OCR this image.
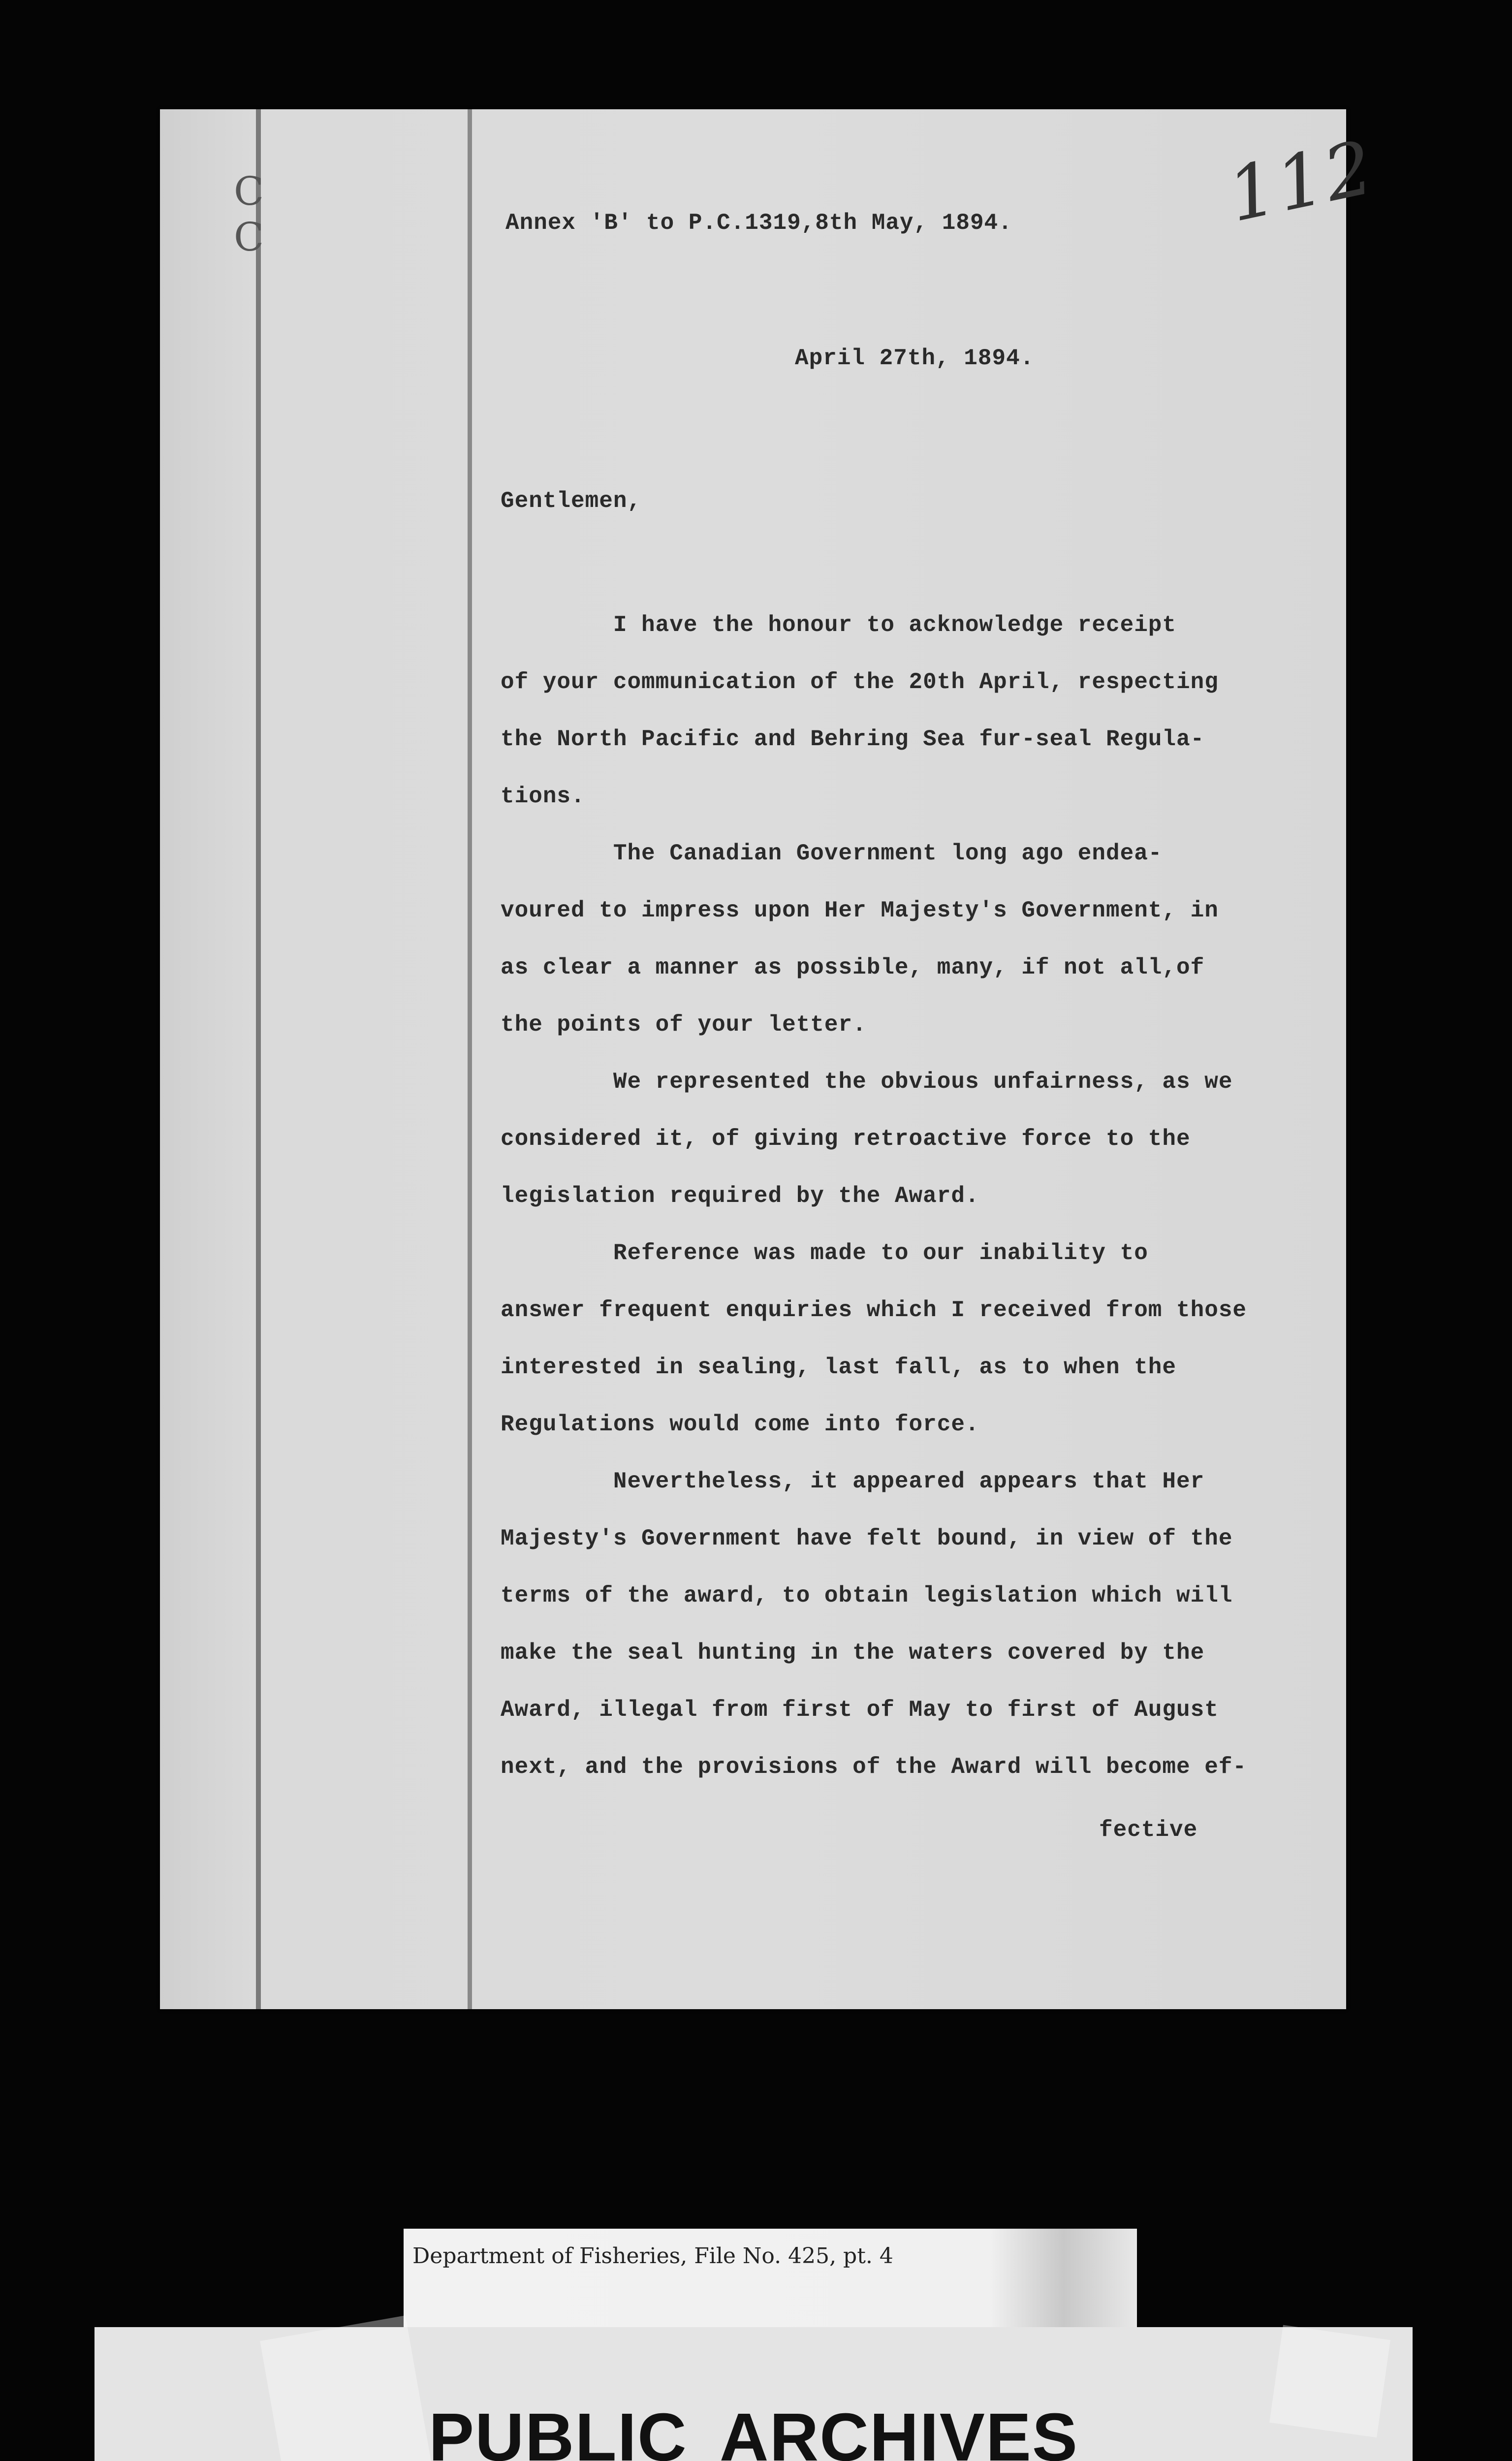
C C	112
Annex 'B' to P.C.1319,8th May, 1894.
April 27th, 1894.
Gentlemen,
I have the honour to acknowledge receipt
of your communication of the 20th April, respecting
the North Pacific and Behring Sea fur-seal Regula-
tions.
The Canadian Government long ago endea-
voured to impress upon Her Majesty's Government, in
as clear a manner as possible, many, if not all,of
the points of your letter.
We represented the obvious unfairness, as we
considered it, of giving retroactive force to the
legislation required by the Award.
Reference was made to our inability to
answer frequent enquiries which I received from those
interested in sealing, last fall, as to when the
Regulations would come into force.
Nevertheless, it appeared appears that Her
Majesty's Government have felt bound, in view of the
terms of the award, to obtain legislation which will
make the seal hunting in the waters covered by the
Award, illegal from first of May to first of August
next, and the provisions of the Award will become ef-
fective
Department of Fisheries, File No. 425, pt. 4
PUBLIC ARCHIVES
